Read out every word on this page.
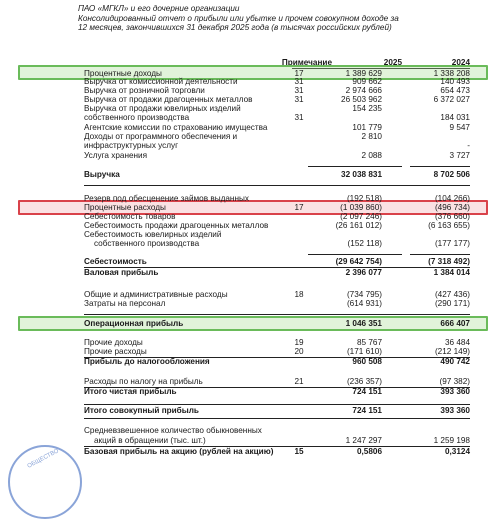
ПАО «МГКЛ» и его дочерние организации
Консолидированный отчет о прибыли или убытке и прочем совокупном доходе за
12 месяцев, закончившихся 31 декабря 2025 года (в тысячах российских рублей)
Примечание	2025	2024
Процентные доходы	17	1 389 629	1 338 208
Выручка от комиссионной деятельности	31	909 662	140 493
Выручка от розничной торговли	31	2 974 666	654 473
Выручка от продажи драгоценных металлов	31	26 503 962	6 372 027
Выручка от продажи ювелирных изделий	154 235
собственного производства	31	184 031
Агентские комиссии по страхованию имущества	101 779	9 547
Доходы от программного обеспечения и	2 810
инфраструктурных услуг	-
Услуга хранения	2 088	3 727
Выручка	32 038 831	8 702 506
Резерв под обесценение займов выданных	(192 518)	(104 266)
Процентные расходы	17	(1 039 860)	(496 734)
Себестоимость товаров	(2 097 246)	(376 660)
Себестоимость продажи драгоценных металлов	(26 161 012)	(6 163 655)
Себестоимость ювелирных изделий
собственного производства	(152 118)	(177 177)
Себестоимость	(29 642 754)	(7 318 492)
Валовая прибыль	2 396 077	1 384 014
Общие и административные расходы	18	(734 795)	(427 436)
Затраты на персонал	(614 931)	(290 171)
Операционная прибыль	1 046 351	666 407
Прочие доходы	19	85 767	36 484
Прочие расходы	20	(171 610)	(212 149)
Прибыль до налогообложения	960 508	490 742
Расходы по налогу на прибыль	21	(236 357)	(97 382)
Итого чистая прибыль	724 151	393 360
Итого совокупный прибыль	724 151	393 360
Средневзвешенное количество обыкновенных
акций в обращении (тыс. шт.)	1 247 297	1 259 198
Базовая прибыль на акцию (рублей на акцию)	15	0,5806	0,3124
ОБЩЕСТВО
